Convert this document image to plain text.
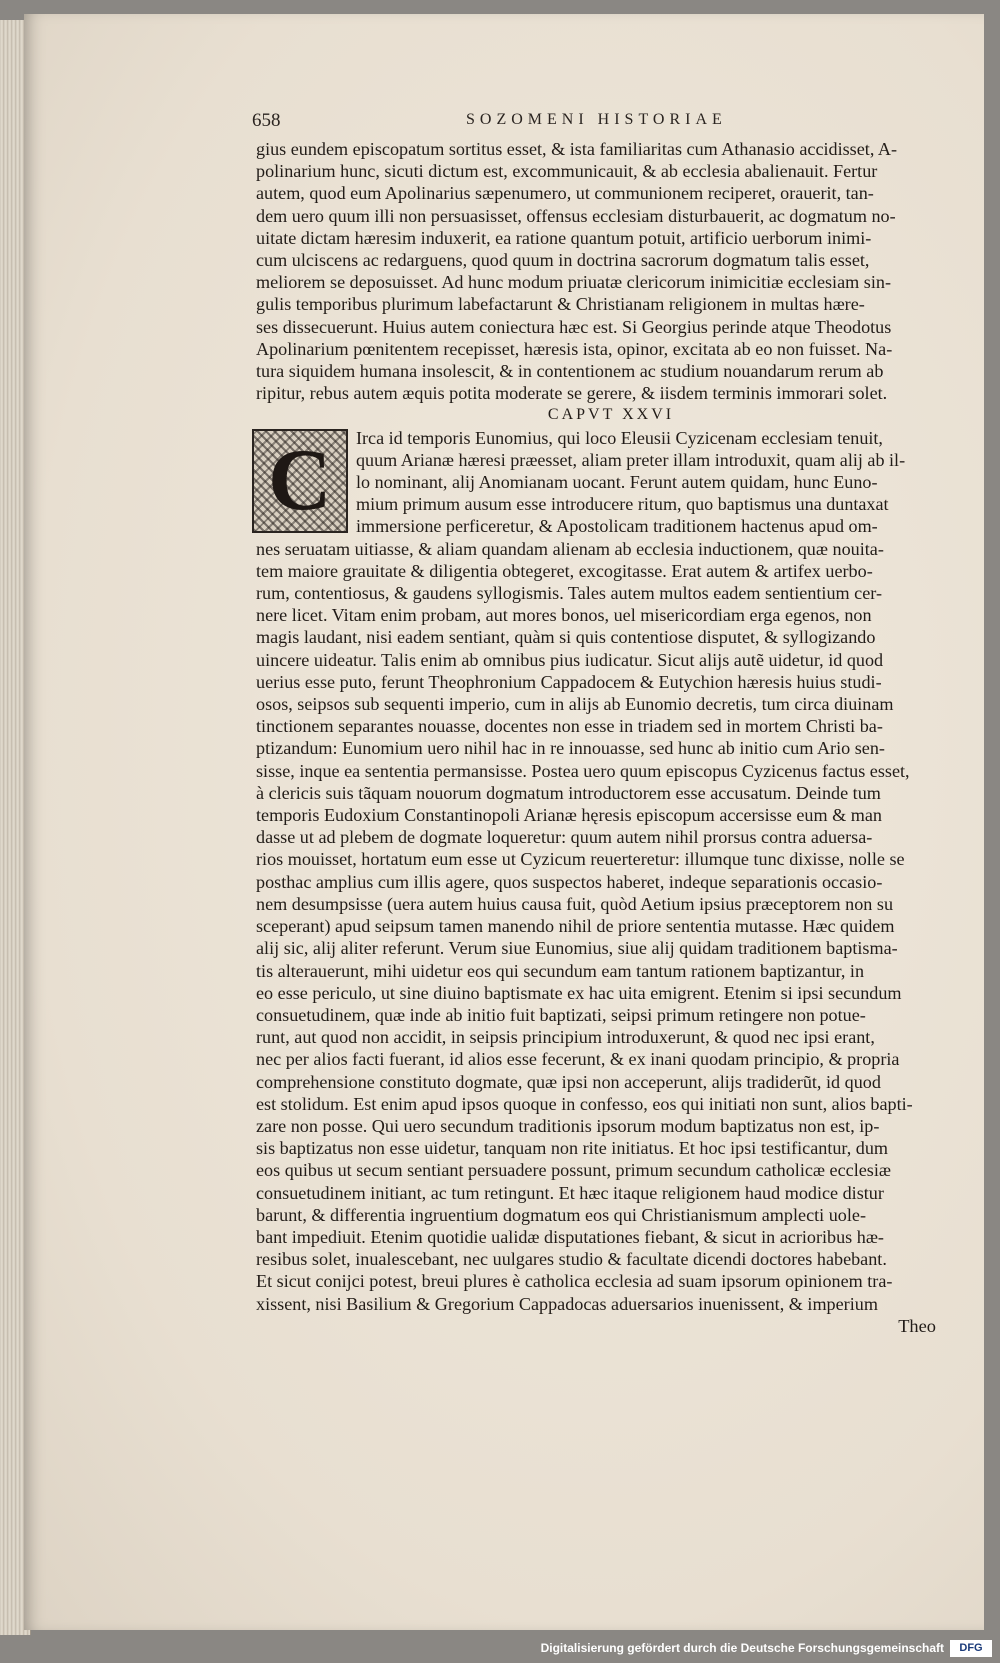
658	SOZOMENI HISTORIAE
gius eundem episcopatum sortitus esset, & ista familiaritas cum Athanasio accidisset, A-
polinarium hunc, sicuti dictum est, excommunicauit, & ab ecclesia abalienauit. Fertur
autem, quod eum Apolinarius sæpenumero, ut communionem reciperet, orauerit, tan-
dem uero quum illi non persuasisset, offensus ecclesiam disturbauerit, ac dogmatum no-
uitate dictam hæresim induxerit, ea ratione quantum potuit, artificio uerborum inimi-
cum ulciscens ac redarguens, quod quum in doctrina sacrorum dogmatum talis esset,
meliorem se deposuisset. Ad hunc modum priuatæ clericorum inimicitiæ ecclesiam sin-
gulis temporibus plurimum labefactarunt & Christianam religionem in multas hære-
ses dissecuerunt. Huius autem coniectura hæc est. Si Georgius perinde atque Theodotus
Apolinarium pœnitentem recepisset, hæresis ista, opinor, excitata ab eo non fuisset. Na-
tura siquidem humana insolescit, & in contentionem ac studium nouandarum rerum ab
ripitur, rebus autem æquis potita moderate se gerere, & iisdem terminis immorari solet.
CAPVT XXVI
C Irca id temporis Eunomius, qui loco Eleusii Cyzicenam ecclesiam tenuit,
quum Arianæ hæresi præesset, aliam preter illam introduxit, quam alij ab il-
lo nominant, alij Anomianam uocant. Ferunt autem quidam, hunc Euno-
mium primum ausum esse introducere ritum, quo baptismus una duntaxat
immersione perficeretur, & Apostolicam traditionem hactenus apud om-
nes seruatam uitiasse, & aliam quandam alienam ab ecclesia inductionem, quæ nouita-
tem maiore grauitate & diligentia obtegeret, excogitasse. Erat autem & artifex uerbo-
rum, contentiosus, & gaudens syllogismis. Tales autem multos eadem sentientium cer-
nere licet. Vitam enim probam, aut mores bonos, uel misericordiam erga egenos, non
magis laudant, nisi eadem sentiant, quàm si quis contentiose disputet, & syllogizando
uincere uideatur. Talis enim ab omnibus pius iudicatur. Sicut alijs autẽ uidetur, id quod
uerius esse puto, ferunt Theophronium Cappadocem & Eutychion hæresis huius studi-
osos, seipsos sub sequenti imperio, cum in alijs ab Eunomio decretis, tum circa diuinam
tinctionem separantes nouasse, docentes non esse in triadem sed in mortem Christi ba-
ptizandum: Eunomium uero nihil hac in re innouasse, sed hunc ab initio cum Ario sen-
sisse, inque ea sententia permansisse. Postea uero quum episcopus Cyzicenus factus esset,
à clericis suis tãquam nouorum dogmatum introductorem esse accusatum. Deinde tum
temporis Eudoxium Constantinopoli Arianæ hęresis episcopum accersisse eum & man
dasse ut ad plebem de dogmate loqueretur: quum autem nihil prorsus contra aduersa-
rios mouisset, hortatum eum esse ut Cyzicum reuerteretur: illumque tunc dixisse, nolle se
posthac amplius cum illis agere, quos suspectos haberet, indeque separationis occasio-
nem desumpsisse (uera autem huius causa fuit, quòd Aetium ipsius præceptorem non su
sceperant) apud seipsum tamen manendo nihil de priore sententia mutasse. Hæc quidem
alij sic, alij aliter referunt. Verum siue Eunomius, siue alij quidam traditionem baptisma-
tis alterauerunt, mihi uidetur eos qui secundum eam tantum rationem baptizantur, in
eo esse periculo, ut sine diuino baptismate ex hac uita emigrent. Etenim si ipsi secundum
consuetudinem, quæ inde ab initio fuit baptizati, seipsi primum retingere non potue-
runt, aut quod non accidit, in seipsis principium introduxerunt, & quod nec ipsi erant,
nec per alios facti fuerant, id alios esse fecerunt, & ex inani quodam principio, & propria
comprehensione constituto dogmate, quæ ipsi non acceperunt, alijs tradiderũt, id quod
est stolidum. Est enim apud ipsos quoque in confesso, eos qui initiati non sunt, alios bapti-
zare non posse. Qui uero secundum traditionis ipsorum modum baptizatus non est, ip-
sis baptizatus non esse uidetur, tanquam non rite initiatus. Et hoc ipsi testificantur, dum
eos quibus ut secum sentiant persuadere possunt, primum secundum catholicæ ecclesiæ
consuetudinem initiant, ac tum retingunt. Et hæc itaque religionem haud modice distur
barunt, & differentia ingruentium dogmatum eos qui Christianismum amplecti uole-
bant impediuit. Etenim quotidie ualidæ disputationes fiebant, & sicut in acrioribus hæ-
resibus solet, inualescebant, nec uulgares studio & facultate dicendi doctores habebant.
Et sicut conijci potest, breui plures è catholica ecclesia ad suam ipsorum opinionem tra-
xissent, nisi Basilium & Gregorium Cappadocas aduersarios inuenissent, & imperium
Theo
Digitalisierung gefördert durch die Deutsche Forschungsgemeinschaft	DFG
